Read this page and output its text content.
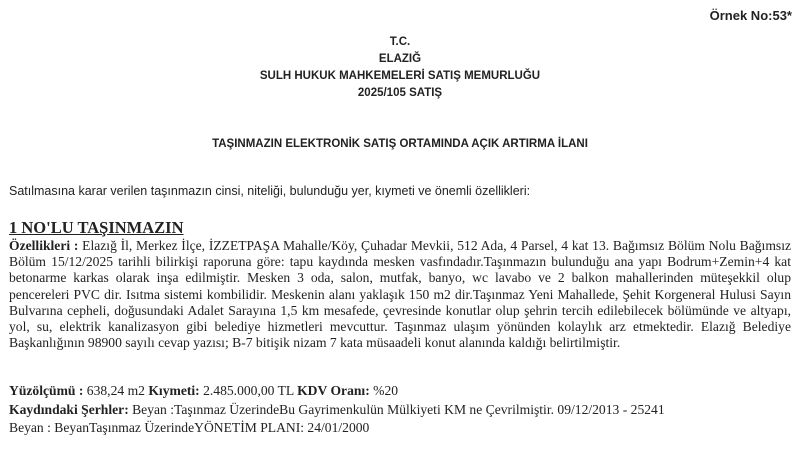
Örnek No:53*
T.C.
ELAZIĞ
SULH HUKUK MAHKEMELERİ SATIŞ MEMURLUĞU
2025/105 SATIŞ
TAŞINMAZIN ELEKTRONİK SATIŞ ORTAMINDA AÇIK ARTIRMA İLANI
Satılmasına karar verilen taşınmazın cinsi, niteliği, bulunduğu yer, kıymeti ve önemli özellikleri:
1 NO'LU TAŞINMAZIN
Özellikleri : Elazığ İl, Merkez İlçe, İZZETPAŞA Mahalle/Köy, Çuhadar Mevkii, 512 Ada, 4 Parsel, 4 kat 13. Bağımsız Bölüm Nolu Bağımsız Bölüm 15/12/2025 tarihli bilirkişi raporuna göre: tapu kaydında mesken vasfındadır.Taşınmazın bulunduğu ana yapı Bodrum+Zemin+4 kat betonarme karkas olarak inşa edilmiştir. Mesken 3 oda, salon, mutfak, banyo, wc lavabo ve 2 balkon mahallerinden müteşekkil olup pencereleri PVC dir. Isıtma sistemi kombilidir. Meskenin alanı yaklaşık 150 m2 dir.Taşınmaz Yeni Mahallede, Şehit Korgeneral Hulusi Sayın Bulvarına cepheli, doğusundaki Adalet Sarayına 1,5 km mesafede, çevresinde konutlar olup şehrin tercih edilebilecek bölümünde ve altyapı, yol, su, elektrik kanalizasyon gibi belediye hizmetleri mevcuttur. Taşınmaz ulaşım yönünden kolaylık arz etmektedir. Elazığ Belediye Başkanlığının 98900 sayılı cevap yazısı; B-7 bitişik nizam 7 kata müsaadeli konut alanında kaldığı belirtilmiştir.
Yüzölçümü : 638,24 m2 Kıymeti: 2.485.000,00 TL KDV Oranı: %20
Kaydındaki Şerhler: Beyan :Taşınmaz ÜzerindeBu Gayrimenkulün Mülkiyeti KM ne Çevrilmiştir. 09/12/2013 - 25241
Beyan : BeyanTaşınmaz ÜzerindeYÖNETİM PLANI: 24/01/2000
